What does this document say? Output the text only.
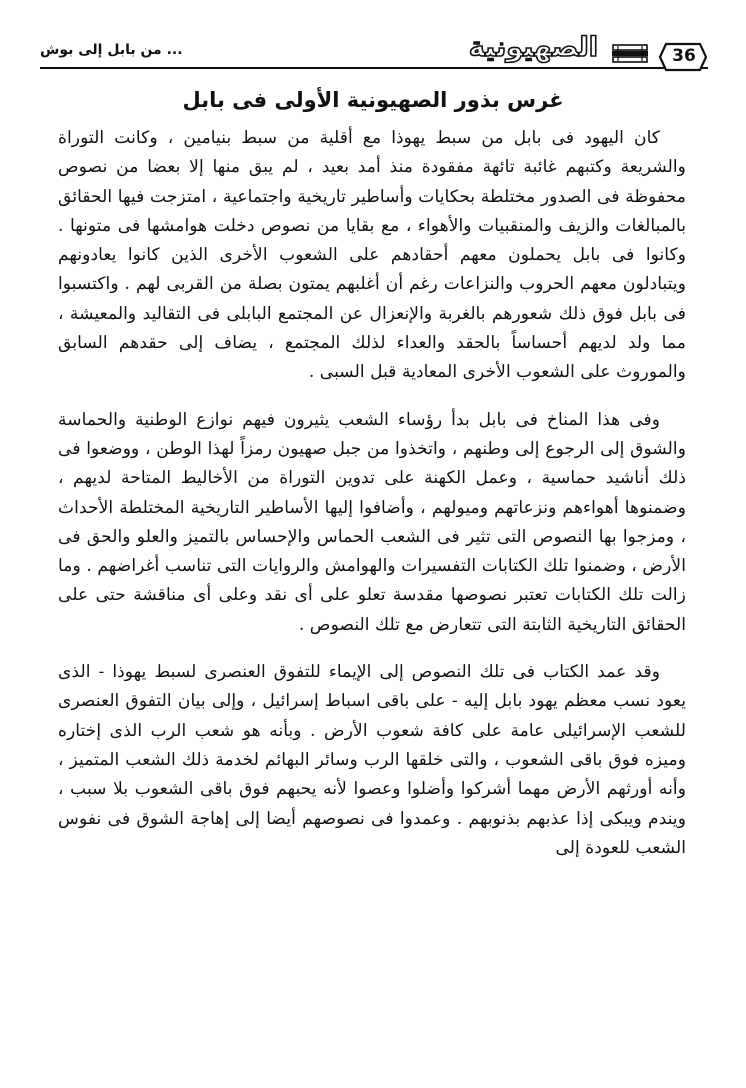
36
الصهيونية
... من بابل إلى بوش
غرس بذور الصهيونية الأولى فى بابل

كان اليهود فى بابل من سبط يهوذا مع أقلية من سبط بنيامين ، وكانت التوراة والشريعة وكتبهم غائبة تائهة مفقودة منذ أمد بعيد ، لم يبق منها إلا بعضا من نصوص محفوظة فى الصدور مختلطة بحكايات وأساطير تاريخية واجتماعية ، امتزجت فيها الحقائق بالمبالغات والزيف والمنقبيات والأهواء ، مع بقايا من نصوص دخلت هوامشها فى متونها . وكانوا فى بابل يحملون معهم أحقادهم على الشعوب الأخرى الذين كانوا يعادونهم ويتبادلون معهم الحروب والنزاعات رغم أن أغلبهم يمتون بصلة من القربى لهم . واكتسبوا فى بابل فوق ذلك شعورهم بالغربة والإنعزال عن المجتمع البابلى فى التقاليد والمعيشة ، مما ولد لديهم أحساساً بالحقد والعداء لذلك المجتمع ، يضاف إلى حقدهم السابق والموروث على الشعوب الأخرى المعادية قبل السبى .

وفى هذا المناخ فى بابل بدأ رؤساء الشعب يثيرون فيهم نوازع الوطنية والحماسة والشوق إلى الرجوع إلى وطنهم ، واتخذوا من جبل صهيون رمزاً لهذا الوطن ، ووضعوا فى ذلك أناشيد حماسية ، وعمل الكهنة على تدوين التوراة من الأخاليط المتاحة لديهم ، وضمنوها أهواءهم ونزعاتهم وميولهم ، وأضافوا إليها الأساطير التاريخية المختلطة الأحداث ، ومزجوا بها النصوص التى تثير فى الشعب الحماس والإحساس بالتميز والعلو والحق فى الأرض ، وضمنوا تلك الكتابات التفسيرات والهوامش والروايات التى تناسب أغراضهم . وما زالت تلك الكتابات تعتبر نصوصها مقدسة تعلو على أى نقد وعلى أى مناقشة حتى على الحقائق التاريخية الثابتة التى تتعارض مع تلك النصوص .

وقد عمد الكتاب فى تلك النصوص إلى الإيماء للتفوق العنصرى لسبط يهوذا - الذى يعود نسب معظم يهود بابل إليه - على باقى اسباط إسرائيل ، وإلى بيان التفوق العنصرى للشعب الإسرائيلى عامة على كافة شعوب الأرض . وبأنه هو شعب الرب الذى إختاره وميزه فوق باقى الشعوب ، والتى خلقها الرب وسائر البهائم لخدمة ذلك الشعب المتميز ، وأنه أورثهم الأرض مهما أشركوا وأضلوا وعصوا لأنه يحبهم فوق باقى الشعوب بلا سبب ، ويندم ويبكى إذا عذبهم بذنوبهم . وعمدوا فى نصوصهم أيضا إلى إهاجة الشوق فى نفوس الشعب للعودة إلى
